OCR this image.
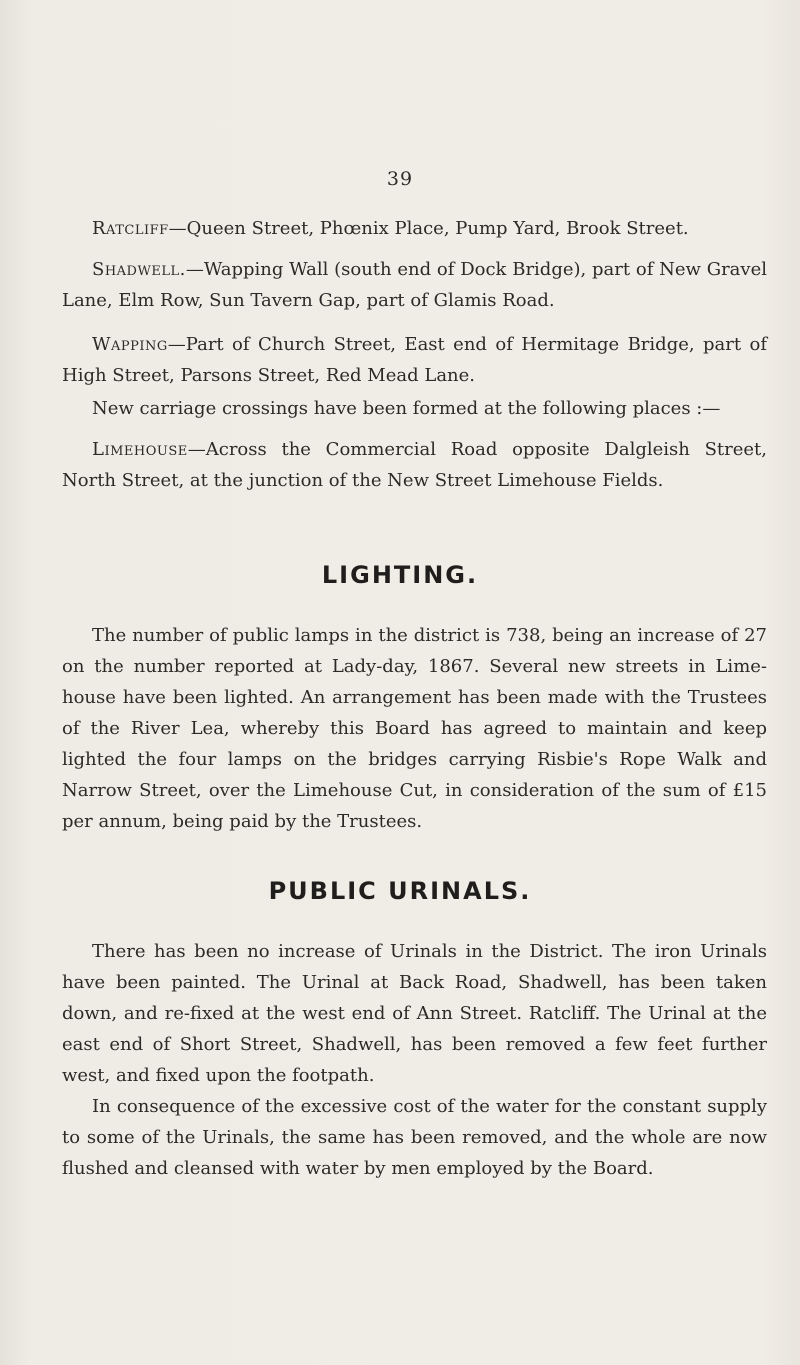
39

Ratcliff—Queen Street, Phœnix Place, Pump Yard, Brook Street.

Shadwell.—Wapping Wall (south end of Dock Bridge), part of New Gravel Lane, Elm Row, Sun Tavern Gap, part of Glamis Road.

Wapping—Part of Church Street, East end of Hermitage Bridge, part of High Street, Parsons Street, Red Mead Lane.

New carriage crossings have been formed at the following places :—

Limehouse—Across the Commercial Road opposite Dalgleish Street, North Street, at the junction of the New Street Limehouse Fields.

LIGHTING.

The number of public lamps in the district is 738, being an increase of 27 on the number reported at Lady-day, 1867. Several new streets in Lime-house have been lighted. An arrangement has been made with the Trustees of the River Lea, whereby this Board has agreed to maintain and keep lighted the four lamps on the bridges carrying Risbie's Rope Walk and Narrow Street, over the Limehouse Cut, in consideration of the sum of £15 per annum, being paid by the Trustees.

PUBLIC URINALS.

There has been no increase of Urinals in the District. The iron Urinals have been painted. The Urinal at Back Road, Shadwell, has been taken down, and re-fixed at the west end of Ann Street. Ratcliff. The Urinal at the east end of Short Street, Shadwell, has been removed a few feet further west, and fixed upon the footpath.

In consequence of the excessive cost of the water for the constant supply to some of the Urinals, the same has been removed, and the whole are now flushed and cleansed with water by men employed by the Board.
